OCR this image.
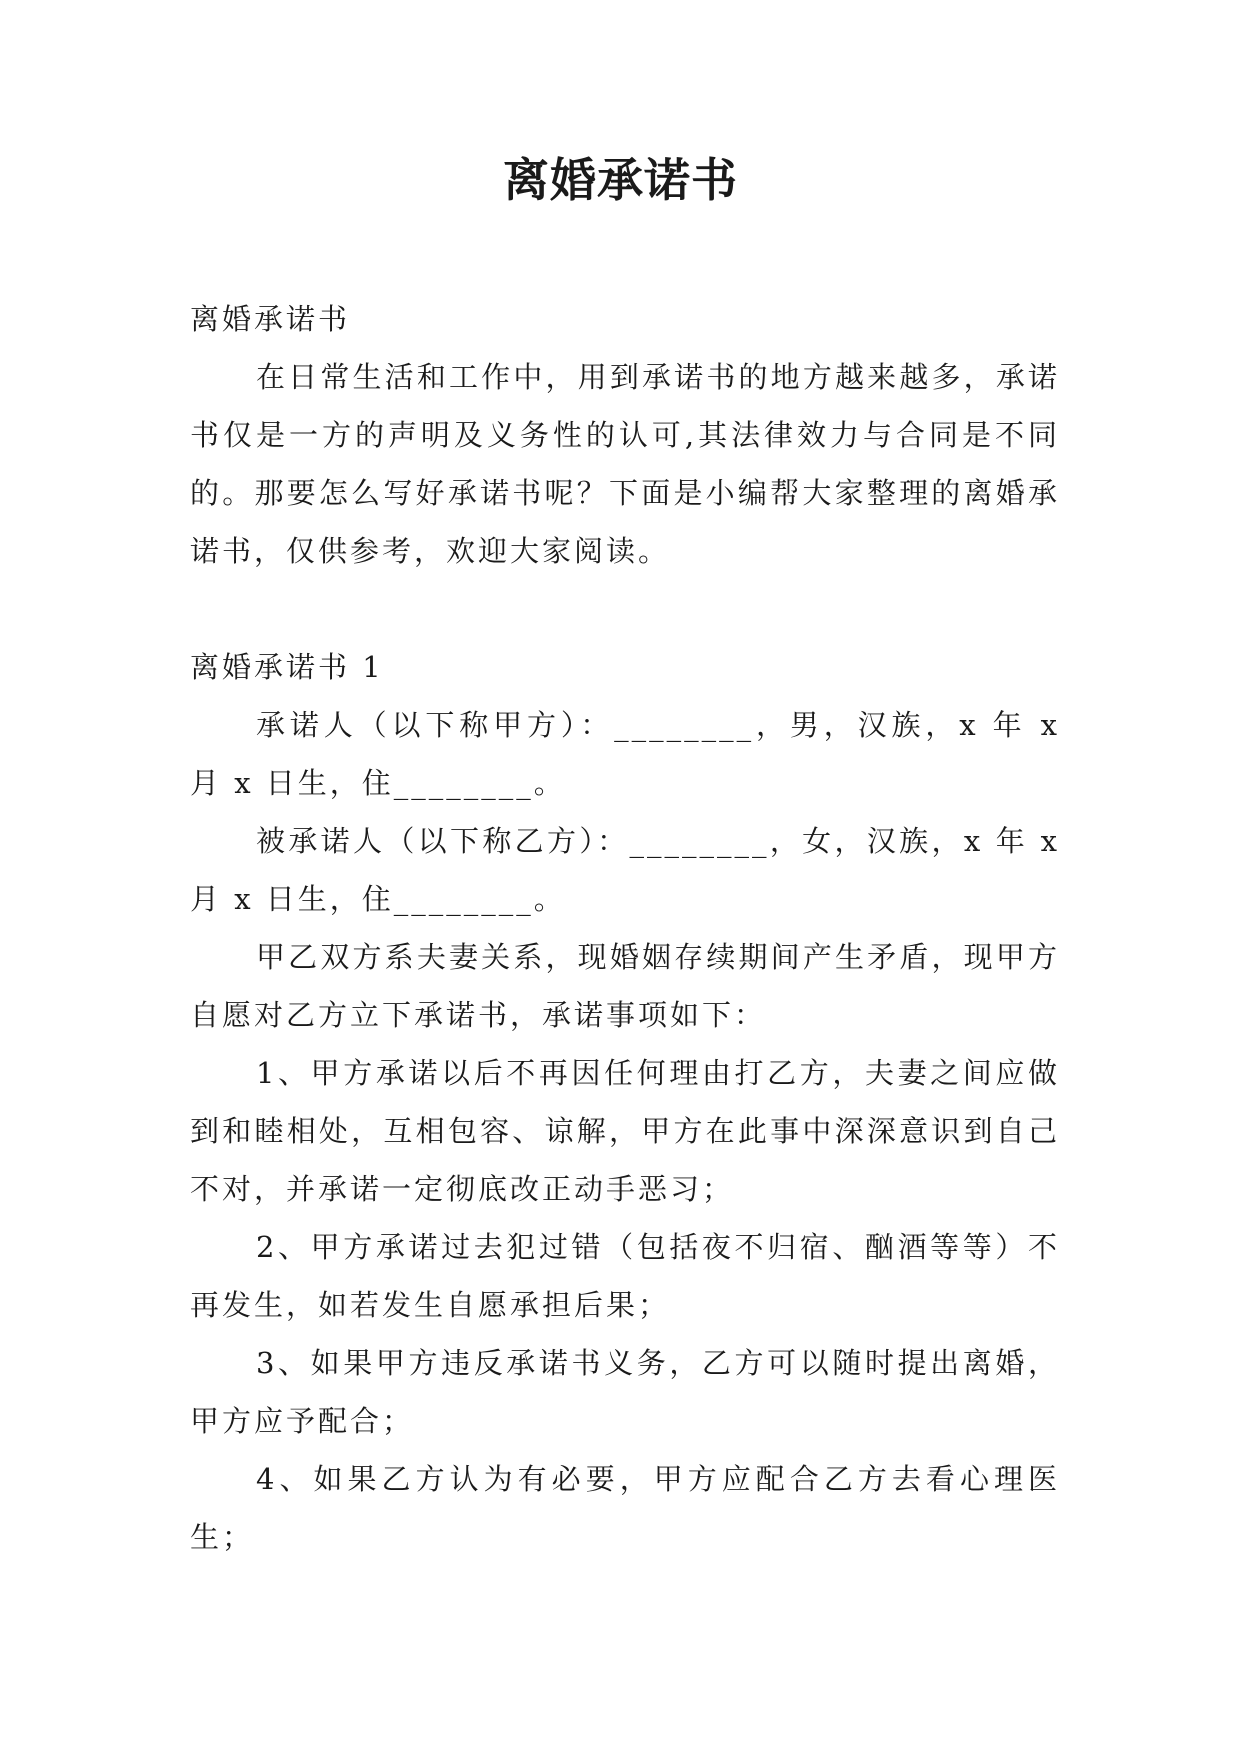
离婚承诺书

离婚承诺书

在日常生活和工作中，用到承诺书的地方越来越多，承诺书仅是一方的声明及义务性的认可,其法律效力与合同是不同的。那要怎么写好承诺书呢？下面是小编帮大家整理的离婚承诺书，仅供参考，欢迎大家阅读。

离婚承诺书 1

承诺人（以下称甲方）：________，男，汉族，x 年 x 月 x 日生，住________。

被承诺人（以下称乙方）：________，女，汉族，x 年 x 月 x 日生，住________。

甲乙双方系夫妻关系，现婚姻存续期间产生矛盾，现甲方自愿对乙方立下承诺书，承诺事项如下：

1、甲方承诺以后不再因任何理由打乙方，夫妻之间应做到和睦相处，互相包容、谅解，甲方在此事中深深意识到自己不对，并承诺一定彻底改正动手恶习；

2、甲方承诺过去犯过错（包括夜不归宿、酗酒等等）不再发生，如若发生自愿承担后果；

3、如果甲方违反承诺书义务，乙方可以随时提出离婚，甲方应予配合；

4、如果乙方认为有必要，甲方应配合乙方去看心理医生；
